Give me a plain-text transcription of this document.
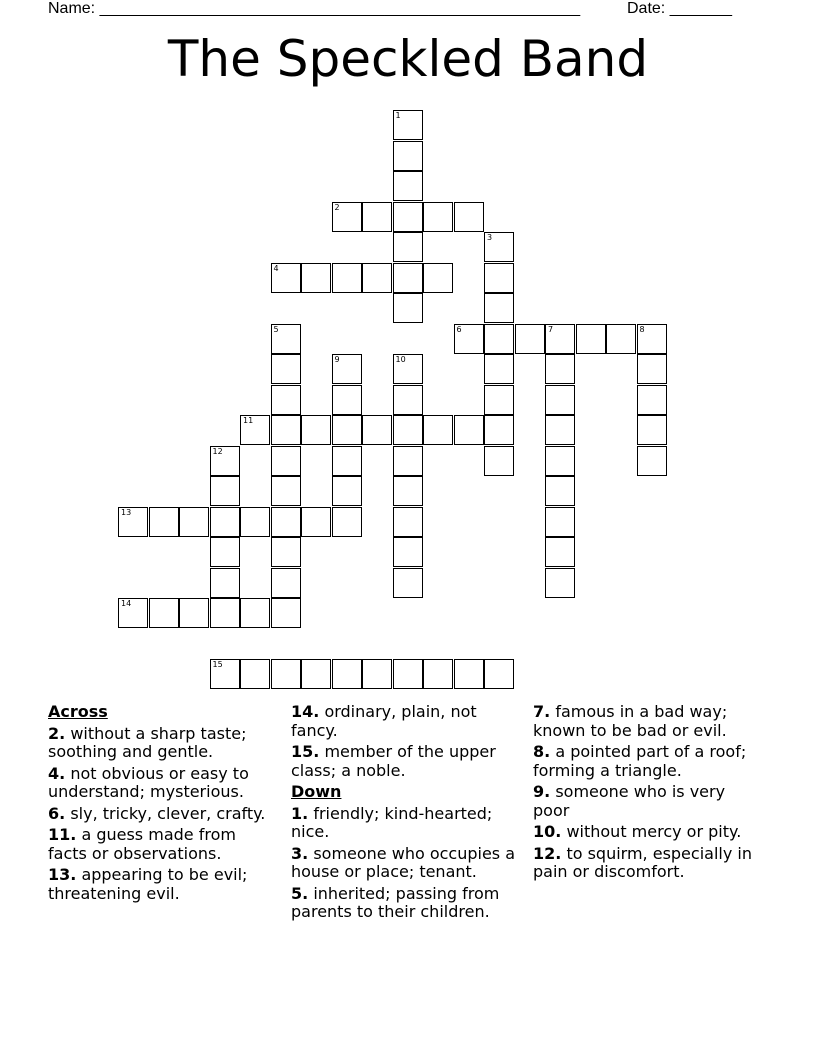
Name: ______________________________________________________	Date: _______
The Speckled Band
1
2
3
4
5	6	7	8
9	10
11
12
13
14
15
Across
2. without a sharp taste; soothing and gentle.
4. not obvious or easy to understand; mysterious.
6. sly, tricky, clever, crafty.
11. a guess made from facts or observations.
13. appearing to be evil; threatening evil.
14. ordinary, plain, not fancy.
15. member of the upper class; a noble.
Down
1. friendly; kind-hearted; nice.
3. someone who occupies a house or place; tenant.
5. inherited; passing from parents to their children.
7. famous in a bad way; known to be bad or evil.
8. a pointed part of a roof; forming a triangle.
9. someone who is very poor
10. without mercy or pity.
12. to squirm, especially in pain or discomfort.
